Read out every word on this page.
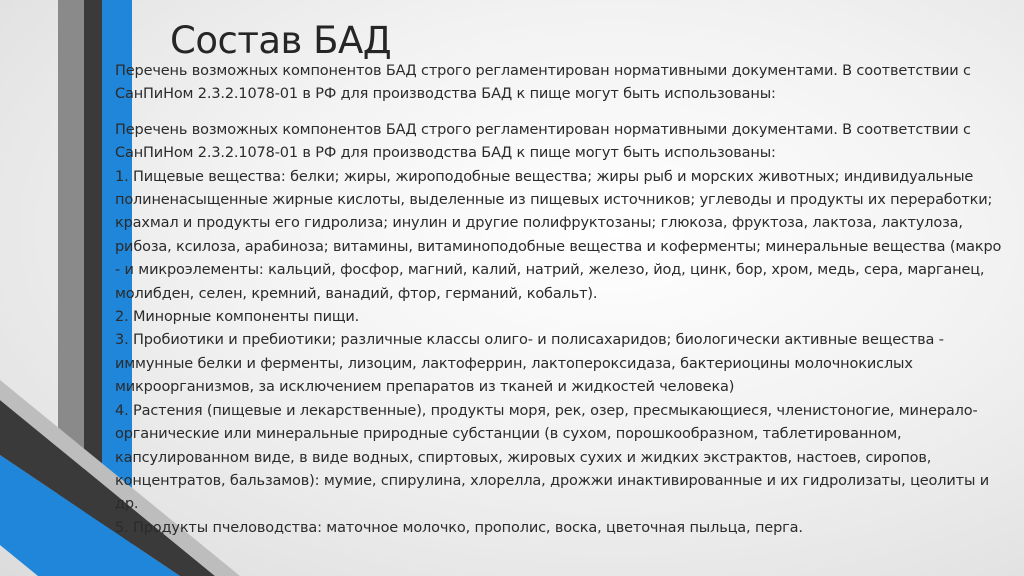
Состав БАД

Перечень возможных компонентов БАД строго регламентирован нормативными документами. В соответствии с СанПиНом 2.3.2.1078-01 в РФ для производства БАД к пище могут быть использованы:

Перечень возможных компонентов БАД строго регламентирован нормативными документами. В соответствии с СанПиНом 2.3.2.1078-01 в РФ для производства БАД к пище могут быть использованы:

1. Пищевые вещества: белки; жиры, жироподобные вещества; жиры рыб и морских животных; индивидуальные полиненасыщенные жирные кислоты, выделенные из пищевых источников; углеводы и продукты их переработки; крахмал и продукты его гидролиза; инулин и другие полифруктозаны; глюкоза, фруктоза, лактоза, лактулоза, рибоза, ксилоза, арабиноза; витамины, витаминоподобные вещества и коферменты; минеральные вещества (макро - и микроэлементы: кальций, фосфор, магний, калий, натрий, железо, йод, цинк, бор, хром, медь, сера, марганец, молибден, селен, кремний, ванадий, фтор, германий, кобальт).

2. Минорные компоненты пищи.

3. Пробиотики и пребиотики; различные классы олиго- и полисахаридов; биологически активные вещества - иммунные белки и ферменты, лизоцим, лактоферрин, лактопероксидаза, бактериоцины молочнокислых микроорганизмов, за исключением препаратов из тканей и жидкостей человека)

4. Растения (пищевые и лекарственные), продукты моря, рек, озер, пресмыкающиеся, членистоногие, минерало-органические или минеральные природные субстанции (в сухом, порошкообразном, таблетированном, капсулированном виде, в виде водных, спиртовых, жировых сухих и жидких экстрактов, настоев, сиропов, концентратов, бальзамов): мумие, спирулина, хлорелла, дрожжи инактивированные и их гидролизаты, цеолиты и др.

5. Продукты пчеловодства: маточное молочко, прополис, воска, цветочная пыльца, перга.
